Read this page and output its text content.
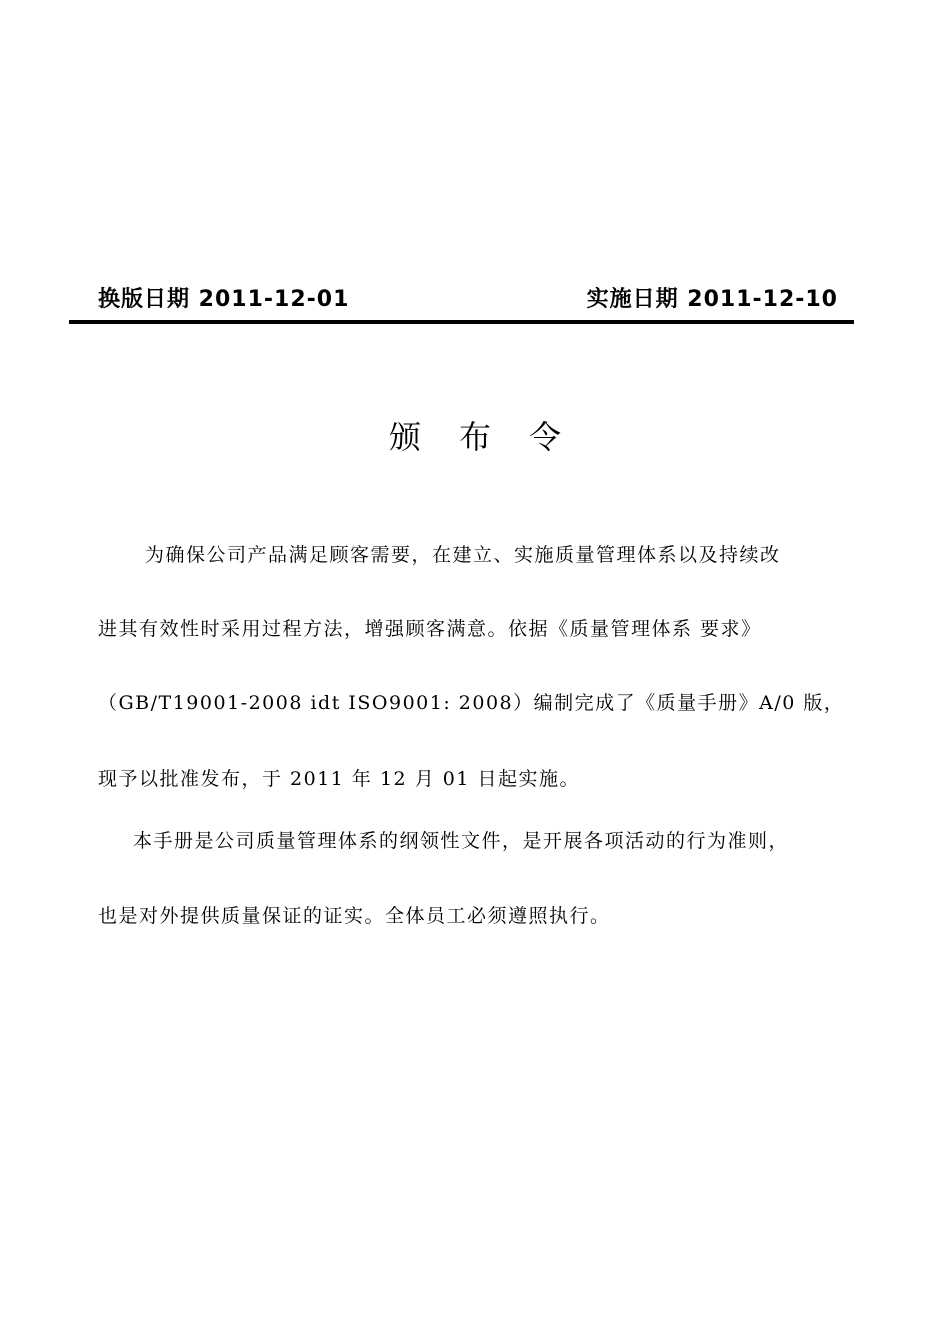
换版日期 2011-12-01	实施日期 2011-12-10
颁布令
为确保公司产品满足顾客需要，在建立、实施质量管理体系以及持续改
进其有效性时采用过程方法，增强顾客满意。依据《质量管理体系 要求》
（GB/T19001-2008 idt ISO9001: 2008）编制完成了《质量手册》A/0 版，
现予以批准发布，于 2011 年 12 月 01 日起实施。
本手册是公司质量管理体系的纲领性文件，是开展各项活动的行为准则，
也是对外提供质量保证的证实。全体员工必须遵照执行。
